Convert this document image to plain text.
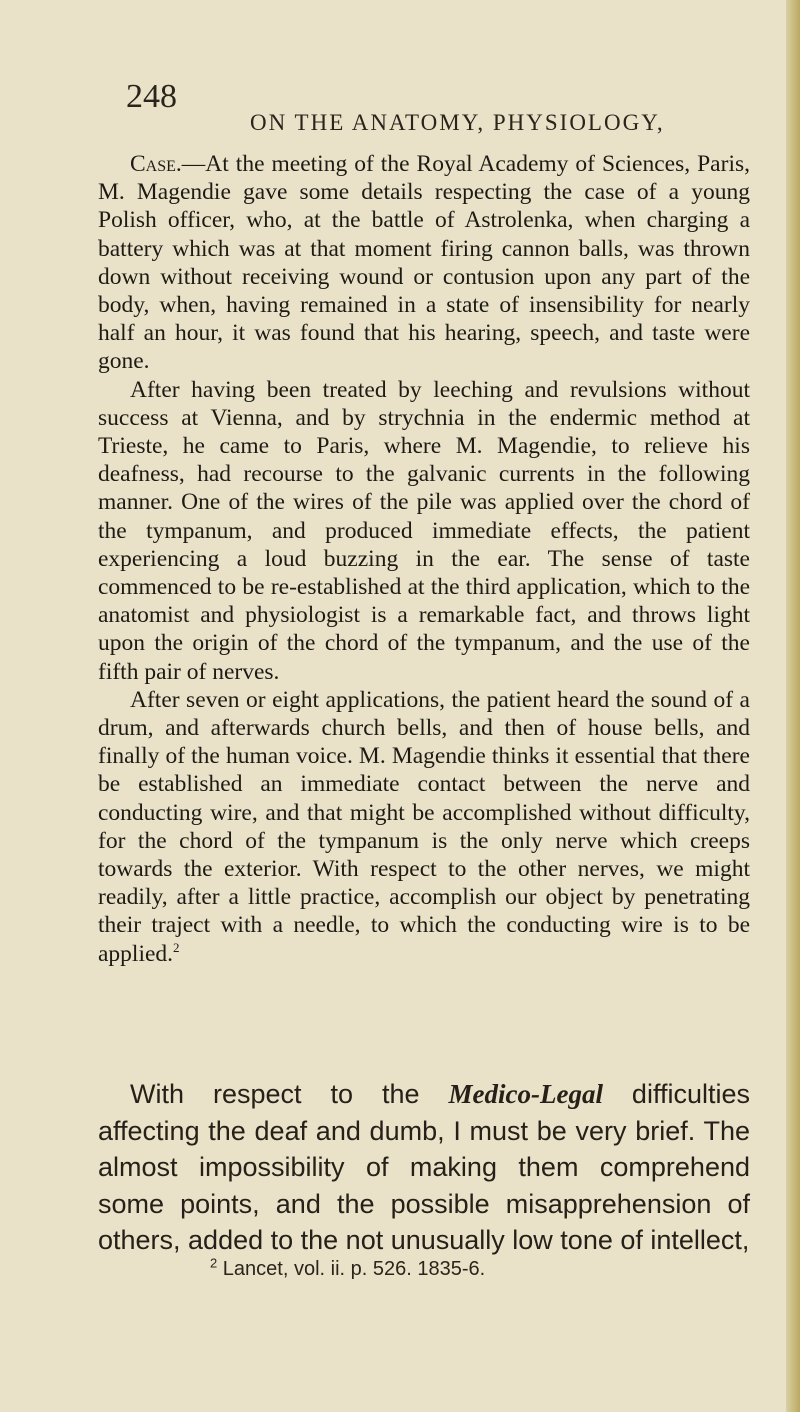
248
ON THE ANATOMY, PHYSIOLOGY,

Case.—At the meeting of the Royal Academy of Sciences, Paris, M. Magendie gave some details respecting the case of a young Polish officer, who, at the battle of Astrolenka, when charging a battery which was at that moment firing cannon balls, was thrown down without receiving wound or contusion upon any part of the body, when, having remained in a state of insensibility for nearly half an hour, it was found that his hearing, speech, and taste were gone.

After having been treated by leeching and revulsions without success at Vienna, and by strychnia in the endermic method at Trieste, he came to Paris, where M. Magendie, to relieve his deafness, had recourse to the galvanic currents in the following manner. One of the wires of the pile was applied over the chord of the tympanum, and produced immediate effects, the patient experiencing a loud buzzing in the ear. The sense of taste commenced to be re-established at the third application, which to the anatomist and physiologist is a remarkable fact, and throws light upon the origin of the chord of the tympanum, and the use of the fifth pair of nerves.

After seven or eight applications, the patient heard the sound of a drum, and afterwards church bells, and then of house bells, and finally of the human voice. M. Magendie thinks it essential that there be established an immediate contact between the nerve and conducting wire, and that might be accomplished without difficulty, for the chord of the tympanum is the only nerve which creeps towards the exterior. With respect to the other nerves, we might readily, after a little practice, accomplish our object by penetrating their traject with a needle, to which the conducting wire is to be applied.$^2$

With respect to the Medico-Legal difficulties affecting the deaf and dumb, I must be very brief. The almost impossibility of making them comprehend some points, and the possible misapprehension of others, added to the not unusually low tone of intellect,

$^2$ Lancet, vol. ii. p. 526. 1835-6.
